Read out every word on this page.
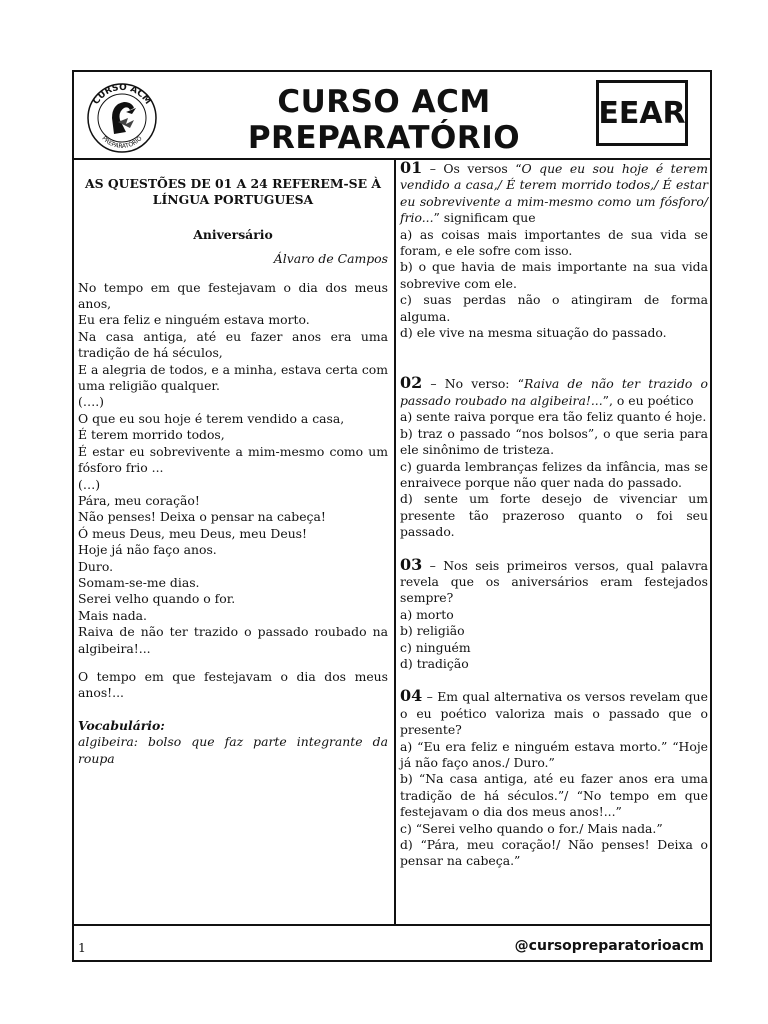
CURSO ACM
PREPARATÓRIO
CURSO ACM
PREPARATÓRIO
EEAR
AS QUESTÕES DE 01 A 24 REFEREM-SE À LÍNGUA PORTUGUESA
Aniversário
Álvaro de Campos
No tempo em que festejavam o dia dos meus anos,
Eu era feliz e ninguém estava morto.
Na casa antiga, até eu fazer anos era uma tradição de há séculos,
E a alegria de todos, e a minha, estava certa com uma religião qualquer.
(….)
O que eu sou hoje é terem vendido a casa,
É terem morrido todos,
É estar eu sobrevivente a mim-mesmo como um fósforo frio ...
(…)
Pára, meu coração!
Não penses! Deixa o pensar na cabeça!
Ó meus Deus, meu Deus, meu Deus!
Hoje já não faço anos.
Duro.
Somam-se-me dias.
Serei velho quando o for.
Mais nada.
Raiva de não ter trazido o passado roubado na algibeira!...
O tempo em que festejavam o dia dos meus anos!...
Vocabulário:
algibeira: bolso que faz parte integrante da roupa
01 – Os versos “O que eu sou hoje é terem vendido a casa,/ É terem morrido todos,/ É estar eu sobrevivente a mim-mesmo como um fósforo/ frio...” significam que
a) as coisas mais importantes de sua vida se foram, e ele sofre com isso.
b) o que havia de mais importante na sua vida sobrevive com ele.
c) suas perdas não o atingiram de forma alguma.
d) ele vive na mesma situação do passado.
02 – No verso: “Raiva de não ter trazido o passado roubado na algibeira!...”, o eu poético
a) sente raiva porque era tão feliz quanto é hoje.
b) traz o passado “nos bolsos”, o que seria para ele sinônimo de tristeza.
c) guarda lembranças felizes da infância, mas se enraivece porque não quer nada do passado.
d) sente um forte desejo de vivenciar um presente tão prazeroso quanto o foi seu passado.
03 – Nos seis primeiros versos, qual palavra revela que os aniversários eram festejados sempre?
a) morto
b) religião
c) ninguém
d) tradição
04 – Em qual alternativa os versos revelam que o eu poético valoriza mais o passado que o presente?
a) “Eu era feliz e ninguém estava morto.” “Hoje já não faço anos./ Duro.”
b) “Na casa antiga, até eu fazer anos era uma tradição de há séculos.”/ “No tempo em que festejavam o dia dos meus anos!...”
c) “Serei velho quando o for./ Mais nada.”
d) “Pára, meu coração!/ Não penses! Deixa o pensar na cabeça.”
1	@cursopreparatorioacm
